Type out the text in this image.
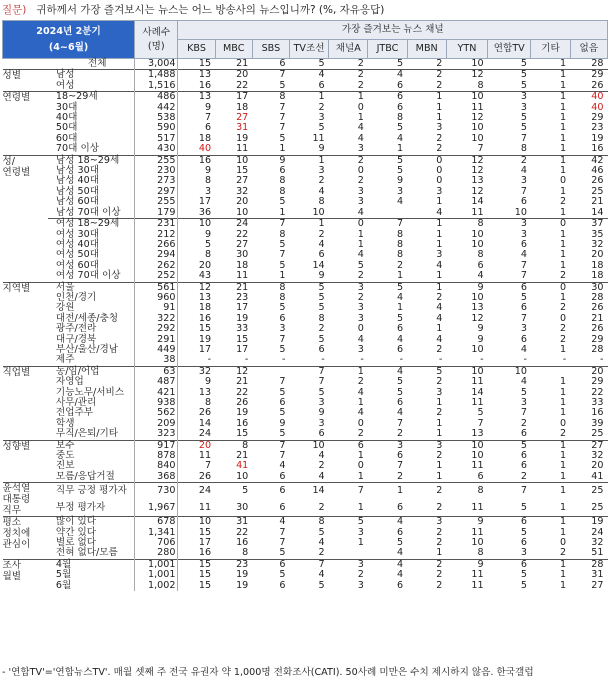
질문) 귀하께서 가장 즐겨보시는 뉴스는 어느 방송사의 뉴스입니까? (%, 자유응답)
2024년 2분기
(4~6월)		사례수
(명)	가장 즐겨보는 뉴스 채널										
			KBS	MBC	SBS	TV조선	채널A	JTBC	MBN	YTN	연합TV	기타	없음
	전체	3,004	15	21	6	5	2	5	2	10	5	1	28
성별	남성	1,488	13	20	7	4	2	4	2	12	5	1	29
	여성	1,516	16	22	5	6	2	6	2	8	5	1	26
연령별	18~29세	486	13	17	8	1	1	6	1	10	3	1	40
	30대	442	9	18	7	2	0	6	1	11	3	1	40
	40대	538	7	27	7	3	1	8	1	12	5	1	29
	50대	590	6	31	7	5	4	5	3	10	5	1	23
	60대	517	18	19	5	11	4	4	2	10	7	1	19
	70대 이상	430	40	11	1	9	3	1	2	7	8	1	16
성/
연령별	남성 18~29세	255	16	10	9	1	2	5	0	12	2	1	42
	남성 30대	230	9	15	6	3	0	5	0	12	4	1	46
	남성 40대	273	8	27	8	2	2	9	0	13	3	0	26
	남성 50대	297	3	32	8	4	3	3	3	12	7	1	25
	남성 60대	255	17	20	5	8	3	4	1	14	6	2	21
	남성 70대 이상	179	36	10	1	10	4		4	11	10	1	14
	여성 18~29세	231	10	24	7	1	0	7	1	8	3	0	37
	여성 30대	212	9	22	8	2	1	8	1	10	3	1	35
	여성 40대	266	5	27	5	4	1	8	1	10	6	1	32
	여성 50대	294	8	30	7	6	4	8	3	8	4	1	20
	여성 60대	262	20	18	5	14	5	2	4	6	7	1	18
	여성 70대 이상	252	43	11	1	9	2	1	1	4	7	2	18
지역별	서울	561	12	21	8	5	3	5	1	9	6	0	30
	인천/경기	960	13	23	8	5	2	4	2	10	5	1	28
	강원	91	18	17	5	5	3	1	4	13	6	2	26
	대전/세종/충청	322	16	19	6	8	3	5	4	12	7	0	21
	광주/전라	292	15	33	3	2	0	6	1	9	3	2	26
	대구/경북	291	19	15	7	5	4	4	4	9	6	2	29
	부산/울산/경남	449	17	17	5	6	3	6	2	10	4	1	28
	제주	38	-	-	-	-	-	-	-	-	-	-	-
직업별	농/임/어업	63	32	12		7	1	4	5	10	10		20
	자영업	487	9	21	7	7	2	5	2	11	4	1	29
	기능노무/서비스	421	13	22	5	5	4	5	3	14	5	1	22
	사무/관리	938	8	26	6	3	1	6	1	11	3	1	33
	전업주부	562	26	19	5	9	4	4	2	5	7	1	16
	학생	209	14	16	9	3	0	7	1	7	2	0	39
	무직/은퇴/기타	323	24	15	5	6	2	2	1	13	6	2	25
성향별	보수	917	20	8	7	10	6	3	3	10	5	1	27
	중도	878	11	21	7	4	1	6	2	10	6	1	32
	진보	840	7	41	4	2	0	7	1	11	6	1	20
	모름/응답거절	368	26	10	6	4	1	2	1	6	2	1	41
윤석열
대통령
직무	직무 긍정 평가자	730	24	5	6	14	7	1	2	8	7	1	25
	부정 평가자	1,967	11	30	6	2	1	6	2	11	5	1	25
평소
정치에
관심이	많이 있다	678	10	31	4	8	5	4	3	9	6	1	19
	약간 있다	1,341	15	22	7	5	3	6	2	11	5	1	24
	별로 없다	706	17	16	7	4	1	5	2	10	6	0	32
	전혀 없다/모름	280	16	8	5	2		4	1	8	3	2	51
조사
월별	4월	1,001	15	23	6	7	3	4	2	9	6	1	28
	5월	1,001	15	19	5	4	2	4	2	11	5	1	31
	6월	1,002	15	19	6	5	3	6	2	11	5	1	27
- '연합TV'='연합뉴스TV'. 매월 셋째 주 전국 유권자 약 1,000명 전화조사(CATI). 50사례 미만은 수치 제시하지 않음. 한국갤럽
